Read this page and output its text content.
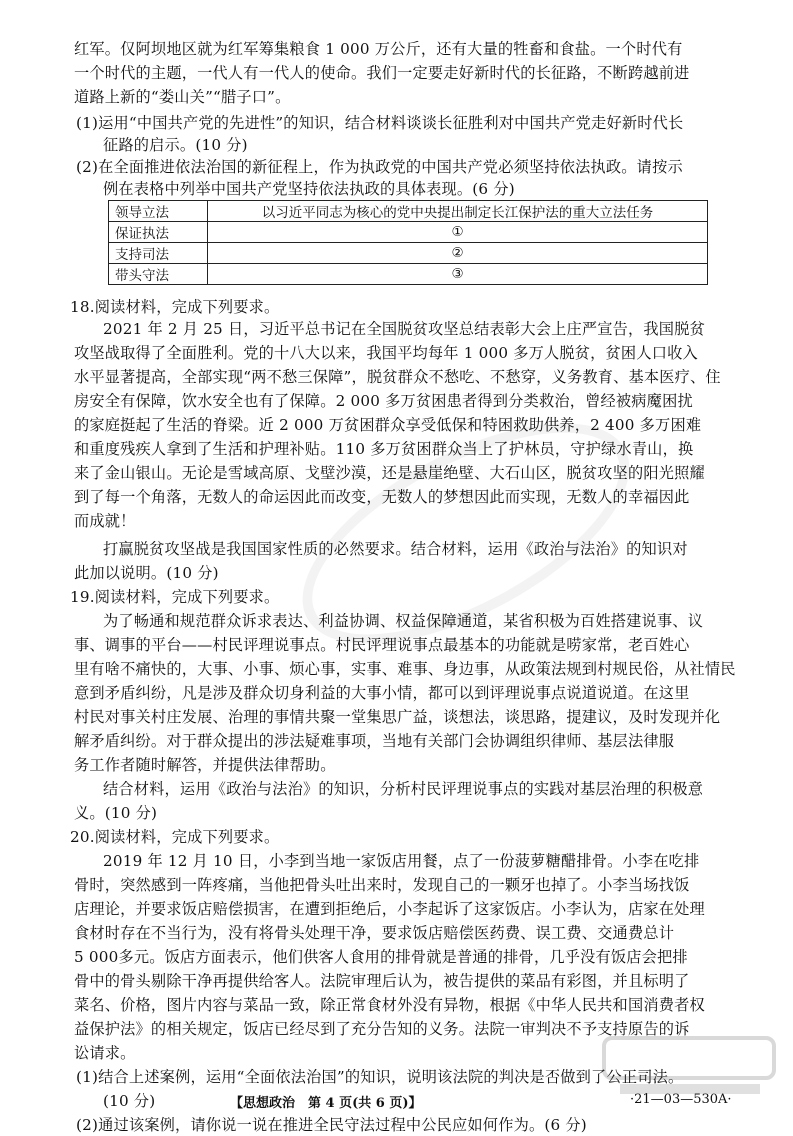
红军。仅阿坝地区就为红军筹集粮食 1 000 万公斤，还有大量的牲畜和食盐。一个时代有
一个时代的主题，一代人有一代人的使命。我们一定要走好新时代的长征路，不断跨越前进
道路上新的“娄山关”“腊子口”。
(1)运用“中国共产党的先进性”的知识，结合材料谈谈长征胜利对中国共产党走好新时代长
征路的启示。(10 分)
(2)在全面推进依法治国的新征程上，作为执政党的中国共产党必须坚持依法执政。请按示
例在表格中列举中国共产党坚持依法执政的具体表现。(6 分)
领导立法	以习近平同志为核心的党中央提出制定长江保护法的重大立法任务
保证执法	①
支持司法	②
带头守法	③
18.阅读材料，完成下列要求。
2021 年 2 月 25 日，习近平总书记在全国脱贫攻坚总结表彰大会上庄严宣告，我国脱贫
攻坚战取得了全面胜利。党的十八大以来，我国平均每年 1 000 多万人脱贫，贫困人口收入
水平显著提高，全部实现“两不愁三保障”，脱贫群众不愁吃、不愁穿，义务教育、基本医疗、住
房安全有保障，饮水安全也有了保障。2 000 多万贫困患者得到分类救治，曾经被病魔困扰
的家庭挺起了生活的脊梁。近 2 000 万贫困群众享受低保和特困救助供养，2 400 多万困难
和重度残疾人拿到了生活和护理补贴。110 多万贫困群众当上了护林员，守护绿水青山，换
来了金山银山。无论是雪域高原、戈壁沙漠，还是悬崖绝壁、大石山区，脱贫攻坚的阳光照耀
到了每一个角落，无数人的命运因此而改变，无数人的梦想因此而实现，无数人的幸福因此
而成就！
打赢脱贫攻坚战是我国国家性质的必然要求。结合材料，运用《政治与法治》的知识对
此加以说明。(10 分)
19.阅读材料，完成下列要求。
为了畅通和规范群众诉求表达、利益协调、权益保障通道，某省积极为百姓搭建说事、议
事、调事的平台——村民评理说事点。村民评理说事点最基本的功能就是唠家常，老百姓心
里有啥不痛快的，大事、小事、烦心事，实事、难事、身边事，从政策法规到村规民俗，从社情民
意到矛盾纠纷，凡是涉及群众切身利益的大事小情，都可以到评理说事点说道说道。在这里
村民对事关村庄发展、治理的事情共聚一堂集思广益，谈想法，谈思路，提建议，及时发现并化
解矛盾纠纷。对于群众提出的涉法疑难事项，当地有关部门会协调组织律师、基层法律服
务工作者随时解答，并提供法律帮助。
结合材料，运用《政治与法治》的知识，分析村民评理说事点的实践对基层治理的积极意
义。(10 分)
20.阅读材料，完成下列要求。
2019 年 12 月 10 日，小李到当地一家饭店用餐，点了一份菠萝糖醋排骨。小李在吃排
骨时，突然感到一阵疼痛，当他把骨头吐出来时，发现自己的一颗牙也掉了。小李当场找饭
店理论，并要求饭店赔偿损害，在遭到拒绝后，小李起诉了这家饭店。小李认为，店家在处理
食材时存在不当行为，没有将骨头处理干净，要求饭店赔偿医药费、误工费、交通费总计
5 000多元。饭店方面表示，他们供客人食用的排骨就是普通的排骨，几乎没有饭店会把排
骨中的骨头剔除干净再提供给客人。法院审理后认为，被告提供的菜品有彩图，并且标明了
菜名、价格，图片内容与菜品一致，除正常食材外没有异物，根据《中华人民共和国消费者权
益保护法》的相关规定，饭店已经尽到了充分告知的义务。法院一审判决不予支持原告的诉
讼请求。
(1)结合上述案例，运用“全面依法治国”的知识，说明该法院的判决是否做到了公正司法。
(10 分)
(2)通过该案例，请你说一说在推进全民守法过程中公民应如何作为。(6 分)
【思想政治　第 4 页(共 6 页)】	·21—03—530A·
